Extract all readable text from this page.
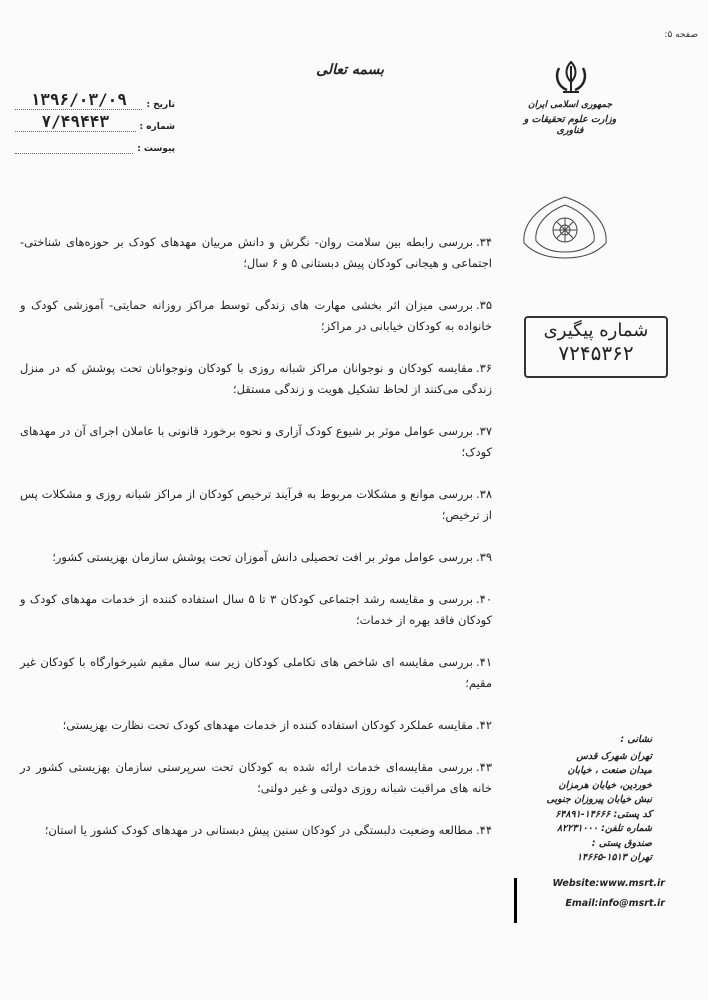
صفحه ۵:
بسمه تعالی
جمهوری اسلامی ایران
وزارت علوم تحقیقات و فناوری
تاریخ :
۱۳۹۶/۰۳/۰۹
شماره :
۷/۴۹۴۴۳
پیوست :
شماره پیگیری
۷۲۴۵۳۶۲
۳۴.بررسی رابطه بین سلامت روان- نگرش و دانش مربیان مهدهای کودک بر حوزه‌های شناختی- اجتماعی و هیجانی کودکان پیش دبستانی ۵ و ۶ سال؛
۳۵.بررسی میزان اثر بخشی مهارت های زندگی توسط مراکز روزانه حمایتی- آموزشی کودک و خانواده به کودکان خیابانی در مراکز؛
۳۶.مقایسه کودکان و نوجوانان مراکز شبانه روزی با کودکان ونوجوانان تحت پوشش که در منزل زندگی می‌کنند از لحاظ تشکیل هویت و زندگی مستقل؛
۳۷.بررسی عوامل موثر بر شیوع کودک آزاری و نحوه برخورد قانونی با عاملان اجرای آن در مهدهای کودک؛
۳۸.بررسی موانع و مشکلات مربوط به فرآیند ترخیص کودکان از مراکز شبانه روزی و مشکلات پس از ترخیص؛
۳۹.بررسی عوامل موثر بر افت تحصیلی دانش آموزان تحت پوشش سازمان بهزیستی کشور؛
۴۰.بررسی و مقایسه رشد اجتماعی کودکان ۳ تا ۵ سال استفاده کننده از خدمات مهدهای کودک و کودکان فاقد بهره از خدمات؛
۴۱.بررسی مقایسه ای شاخص های تکاملی کودکان زیر سه سال مقیم شیرخوارگاه با کودکان غیر مقیم؛
۴۲.مقایسه عملکرد کودکان استفاده کننده از خدمات مهدهای کودک تحت نظارت بهزیستی؛
۴۳.بررسی مقایسه‌ای خدمات ارائه شده به کودکان تحت سرپرستی سازمان بهزیستی کشور در خانه های مراقبت شبانه روزی دولتی و غیر دولتی؛
۴۴.مطالعه وضعیت دلبستگی در کودکان سنین پیش دبستانی در مهدهای کودک کشور یا استان؛
نشانی :
تهران شهرک قدس
میدان صنعت ، خیابان
خوردین، خیابان هرمزان
نبش خیابان پیروزان جنوبی
کد پستی: ۱۴۶۶۶-۶۴۸۹۱
شماره تلفن: ۸۲۲۳۱۰۰۰
صندوق پستی :
تهران ۱۵۱۳-۱۴۶۶۵
Website:www.msrt.ir
Email:info@msrt.ir
